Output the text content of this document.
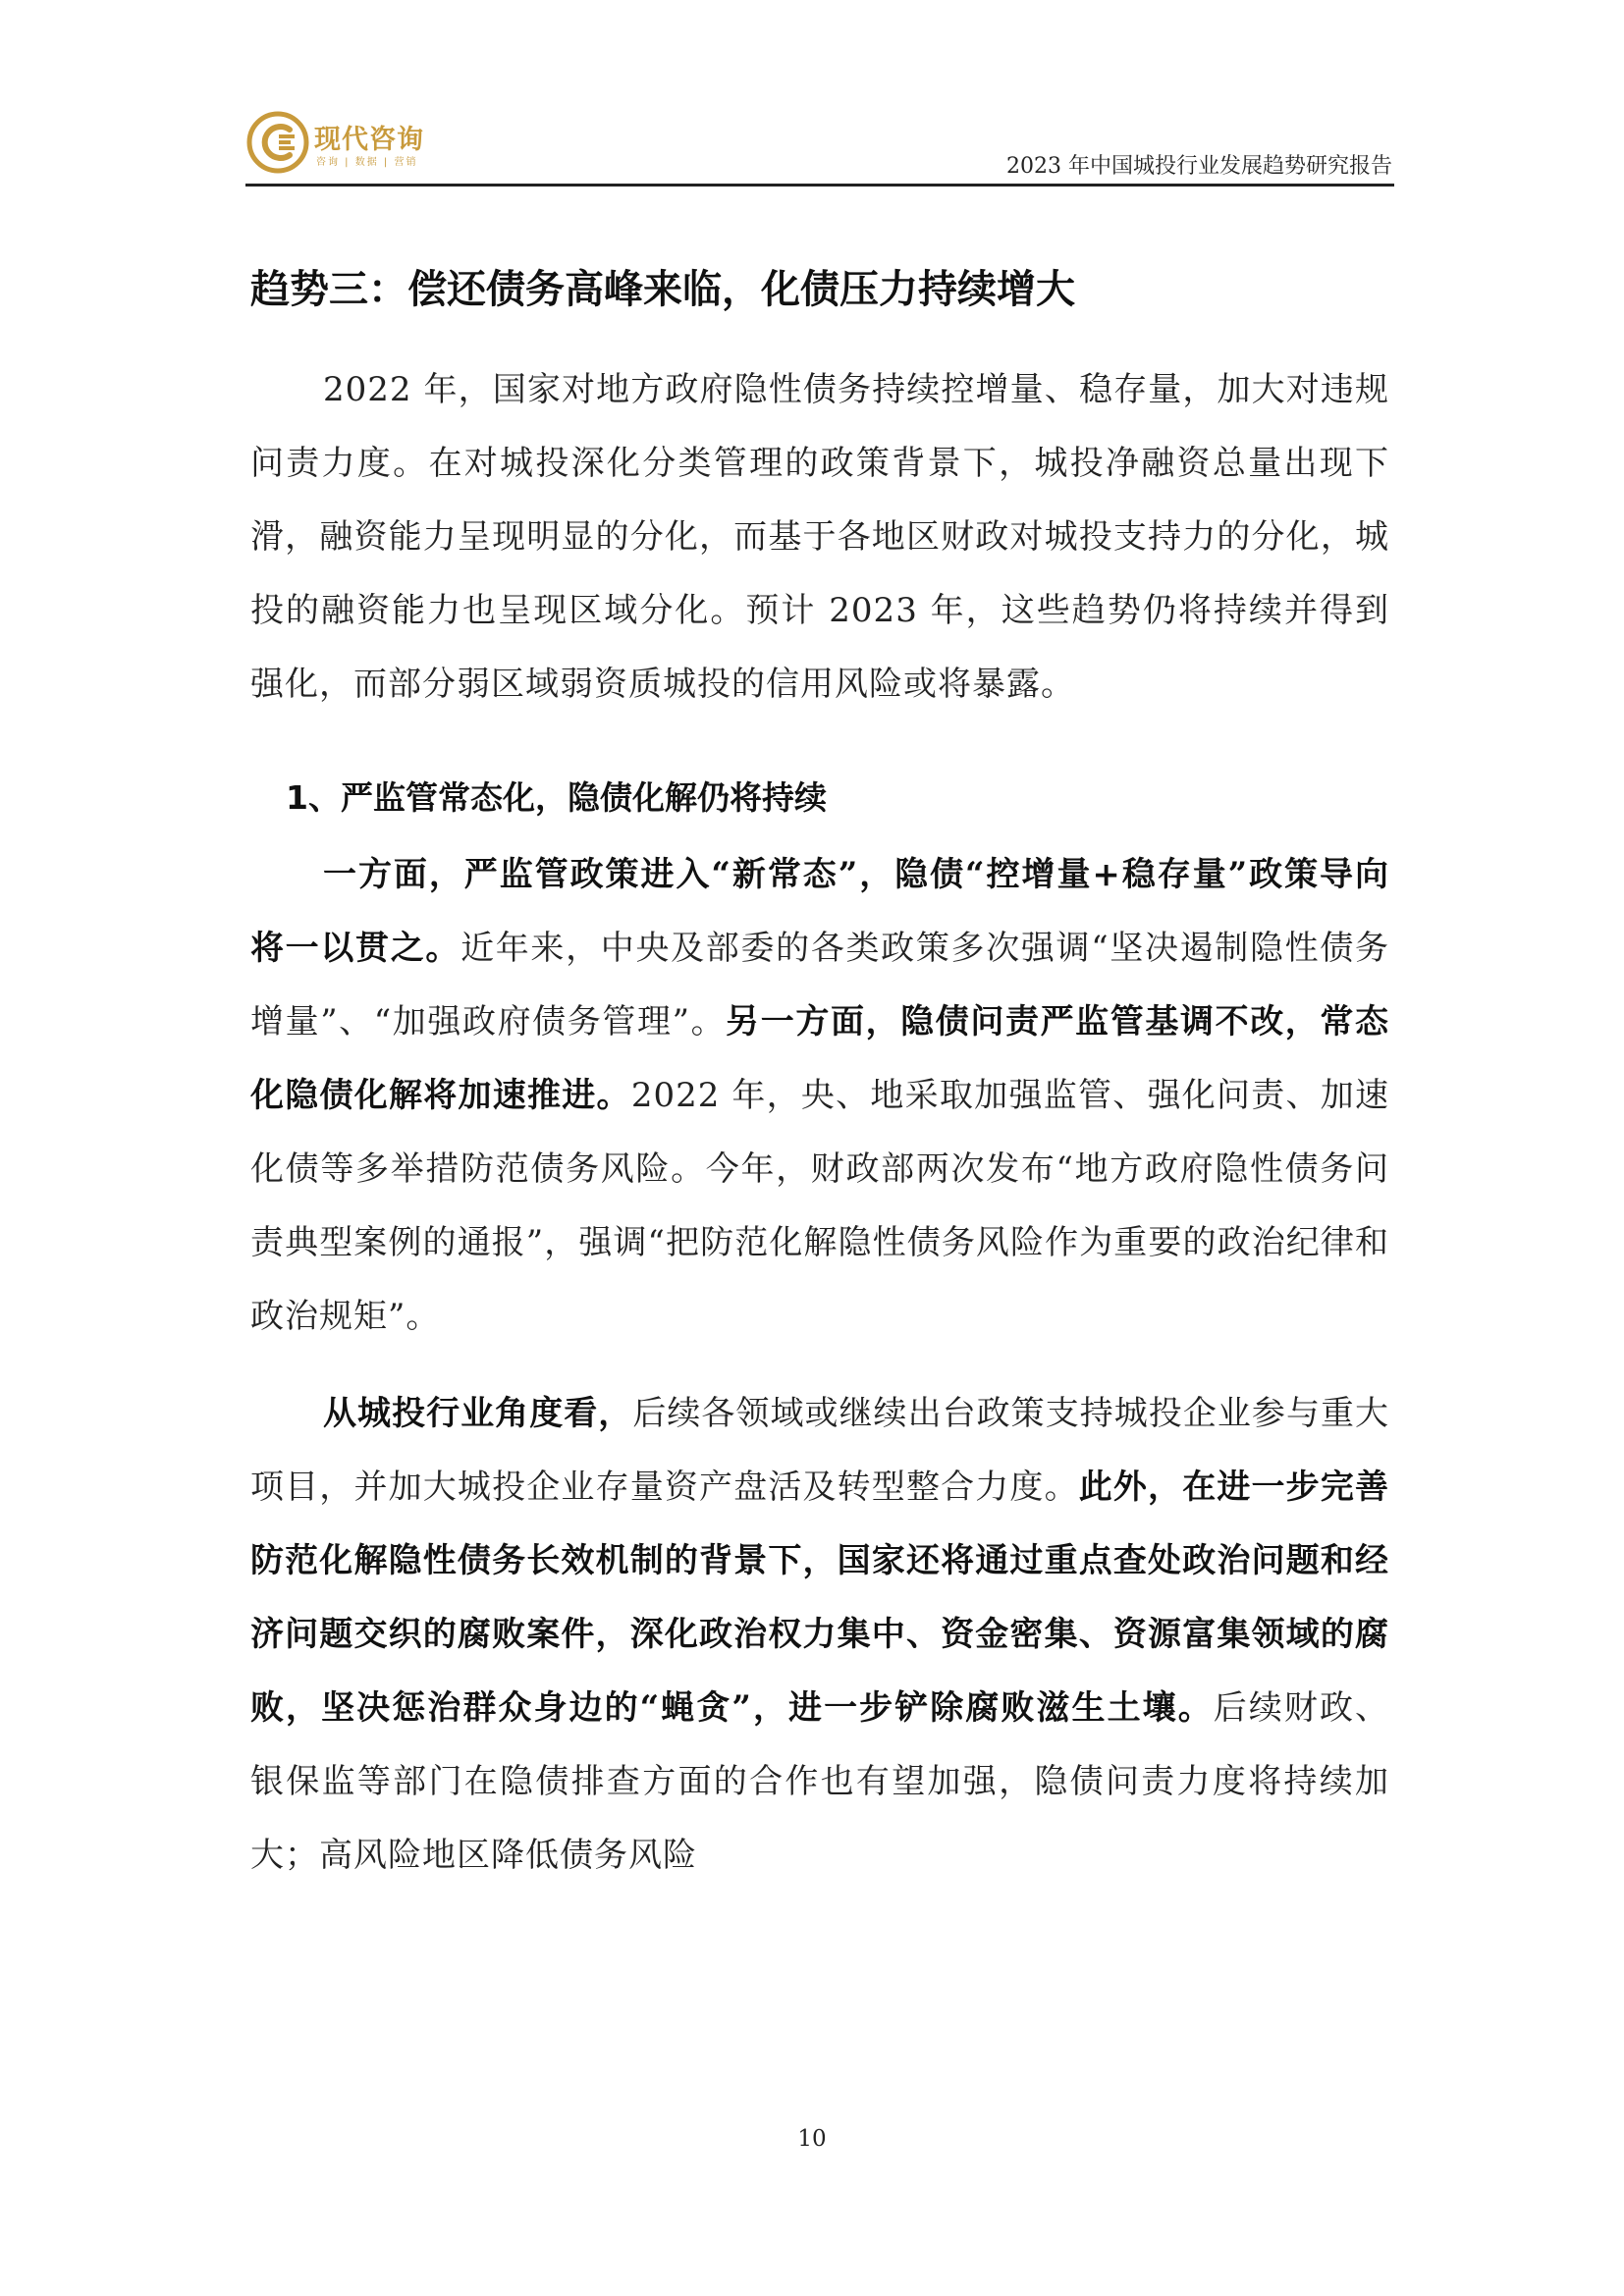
现代咨询
咨询 | 数据 | 营销	2023 年中国城投行业发展趋势研究报告
趋势三：偿还债务高峰来临，化债压力持续增大

2022 年，国家对地方政府隐性债务持续控增量、稳存量，加大对违规问责力度。在对城投深化分类管理的政策背景下，城投净融资总量出现下滑，融资能力呈现明显的分化，而基于各地区财政对城投支持力的分化，城投的融资能力也呈现区域分化。预计 2023 年，这些趋势仍将持续并得到强化，而部分弱区域弱资质城投的信用风险或将暴露。

1、严监管常态化，隐债化解仍将持续

一方面，严监管政策进入“新常态”，隐债“控增量+稳存量”政策导向将一以贯之。近年来，中央及部委的各类政策多次强调“坚决遏制隐性债务增量”、“加强政府债务管理”。另一方面，隐债问责严监管基调不改，常态化隐债化解将加速推进。2022 年，央、地采取加强监管、强化问责、加速化债等多举措防范债务风险。今年，财政部两次发布“地方政府隐性债务问责典型案例的通报”，强调“把防范化解隐性债务风险作为重要的政治纪律和政治规矩”。

从城投行业角度看，后续各领域或继续出台政策支持城投企业参与重大项目，并加大城投企业存量资产盘活及转型整合力度。此外，在进一步完善防范化解隐性债务长效机制的背景下，国家还将通过重点查处政治问题和经济问题交织的腐败案件，深化政治权力集中、资金密集、资源富集领域的腐败，坚决惩治群众身边的“蝇贪”，进一步铲除腐败滋生土壤。后续财政、银保监等部门在隐债排查方面的合作也有望加强，隐债问责力度将持续加大；高风险地区降低债务风险

10
